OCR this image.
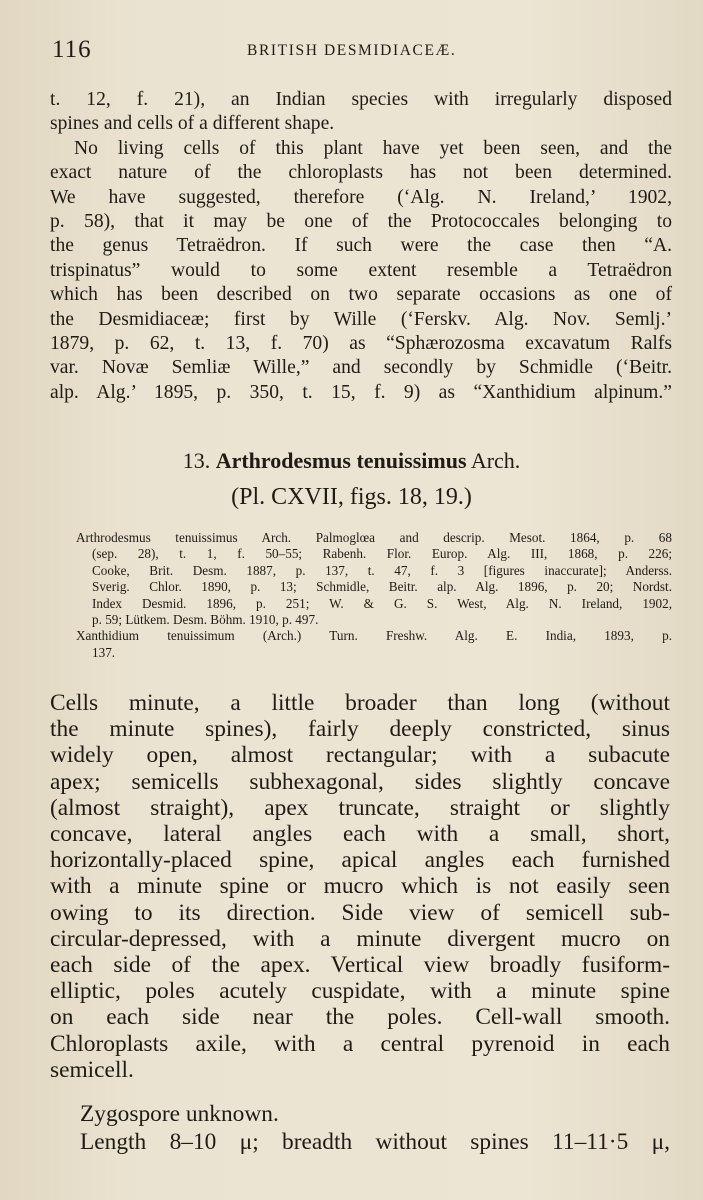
116	BRITISH DESMIDIACEÆ.
t. 12, f. 21), an Indian species with irregularly disposed
spines and cells of a different shape.
No living cells of this plant have yet been seen, and the
exact nature of the chloroplasts has not been determined.
We have suggested, therefore (‘Alg. N. Ireland,’ 1902,
p. 58), that it may be one of the Protococcales belonging to
the genus Tetraëdron. If such were the case then “A.
trispinatus” would to some extent resemble a Tetraëdron
which has been described on two separate occasions as one of
the Desmidiaceæ; first by Wille (‘Ferskv. Alg. Nov. Semlj.’
1879, p. 62, t. 13, f. 70) as “Sphærozosma excavatum Ralfs
var. Novæ Semliæ Wille,” and secondly by Schmidle (‘Beitr.
alp. Alg.’ 1895, p. 350, t. 15, f. 9) as “Xanthidium alpinum.”
13. Arthrodesmus tenuissimus Arch.
(Pl. CXVII, figs. 18, 19.)
Arthrodesmus tenuissimus Arch. Palmoglœa and descrip. Mesot. 1864, p. 68
(sep. 28), t. 1, f. 50–55; Rabenh. Flor. Europ. Alg. III, 1868, p. 226;
Cooke, Brit. Desm. 1887, p. 137, t. 47, f. 3 [figures inaccurate]; Anderss.
Sverig. Chlor. 1890, p. 13; Schmidle, Beitr. alp. Alg. 1896, p. 20; Nordst.
Index Desmid. 1896, p. 251; W. & G. S. West, Alg. N. Ireland, 1902,
p. 59; Lütkem. Desm. Böhm. 1910, p. 497.
Xanthidium tenuissimum (Arch.) Turn. Freshw. Alg. E. India, 1893, p.
137.
Cells minute, a little broader than long (without
the minute spines), fairly deeply constricted, sinus
widely open, almost rectangular; with a subacute
apex; semicells subhexagonal, sides slightly concave
(almost straight), apex truncate, straight or slightly
concave, lateral angles each with a small, short,
horizontally-placed spine, apical angles each furnished
with a minute spine or mucro which is not easily seen
owing to its direction. Side view of semicell sub-
circular-depressed, with a minute divergent mucro on
each side of the apex. Vertical view broadly fusiform-
elliptic, poles acutely cuspidate, with a minute spine
on each side near the poles. Cell-wall smooth.
Chloroplasts axile, with a central pyrenoid in each
semicell.
Zygospore unknown.
Length 8–10 μ; breadth without spines 11–11·5 μ,
